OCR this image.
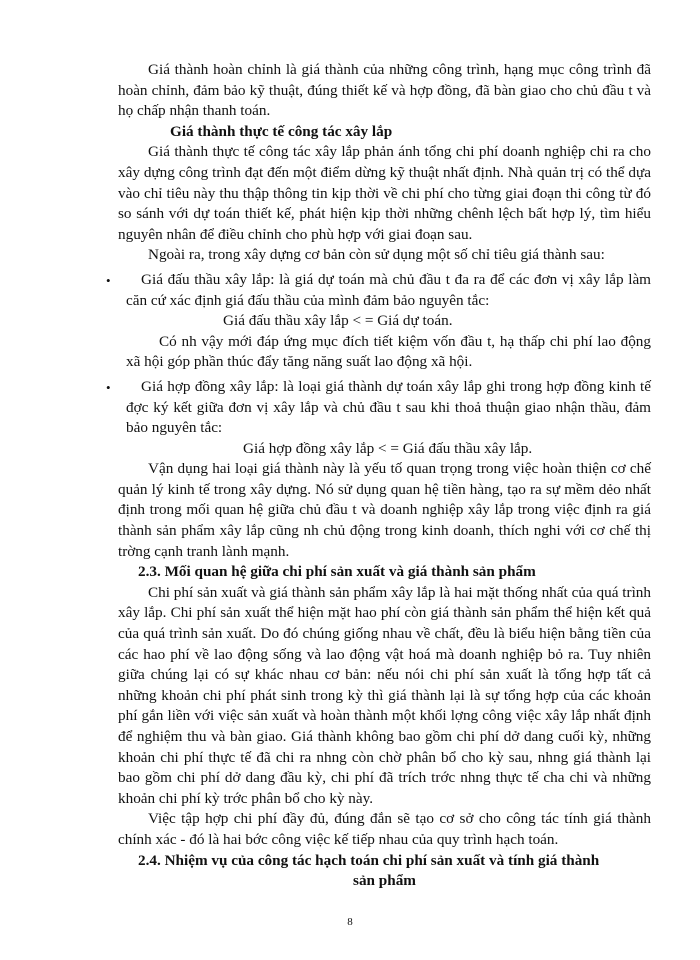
Giá thành hoàn chỉnh là giá thành của những công trình, hạng mục công trình đã hoàn chỉnh, đảm bảo kỹ thuật, đúng thiết kế và hợp đồng, đã bàn giao cho chủ đầu t và họ chấp nhận thanh toán.

Giá thành thực tế công tác xây lắp

Giá thành thực tế công tác xây lắp phản ánh tổng chi phí doanh nghiệp chi ra cho xây dựng công trình đạt đến một điểm dừng kỹ thuật nhất định. Nhà quản trị có thể dựa vào chỉ tiêu này thu thập thông tin kịp thời về chi phí cho từng giai đoạn thi công từ đó so sánh với dự toán thiết kế, phát hiện kịp thời những chênh lệch bất hợp lý, tìm hiểu nguyên nhân để điều chỉnh cho phù hợp với giai đoạn sau.

Ngoài ra, trong xây dựng cơ bản còn sử dụng một số chỉ tiêu giá thành sau:

• Giá đấu thầu xây lắp: là giá dự toán mà chủ đầu t đa ra để các đơn vị xây lắp làm căn cứ xác định giá đấu thầu của mình đảm bảo nguyên tắc:

Giá đấu thầu xây lắp < = Giá dự toán.

Có nh vậy mới đáp ứng mục đích tiết kiệm vốn đầu t, hạ thấp chi phí lao động xã hội góp phần thúc đẩy tăng năng suất lao động xã hội.

• Giá hợp đồng xây lắp: là loại giá thành dự toán xây lắp ghi trong hợp đồng kinh tế đợc ký kết giữa đơn vị xây lắp và chủ đầu t sau khi thoả thuận giao nhận thầu, đảm bảo nguyên tắc:

Giá hợp đồng xây lắp < = Giá đấu thầu xây lắp.

Vận dụng hai loại giá thành này là yếu tố quan trọng trong việc hoàn thiện cơ chế quản lý kinh tế trong xây dựng. Nó sử dụng quan hệ tiền hàng, tạo ra sự mềm dẻo nhất định trong mối quan hệ giữa chủ đầu t và doanh nghiệp xây lắp trong việc định ra giá thành sản phẩm xây lắp cũng nh chủ động trong kinh doanh, thích nghi với cơ chế thị trờng cạnh tranh lành mạnh.

2.3. Mối quan hệ giữa chi phí sản xuất và giá thành sản phẩm

Chi phí sản xuất và giá thành sản phẩm xây lắp là hai mặt thống nhất của quá trình xây lắp. Chi phí sản xuất thể hiện mặt hao phí còn giá thành sản phẩm thể hiện kết quả của quá trình sản xuất. Do đó chúng giống nhau về chất, đều là biểu hiện bằng tiền của các hao phí về lao động sống và lao động vật hoá mà doanh nghiệp bỏ ra. Tuy nhiên giữa chúng lại có sự khác nhau cơ bản: nếu nói chi phí sản xuất là tổng hợp tất cả những khoản chi phí phát sinh trong kỳ thì giá thành lại là sự tổng hợp của các khoản phí gắn liền với việc sản xuất và hoàn thành một khối lợng công việc xây lắp nhất định để nghiệm thu và bàn giao. Giá thành không bao gồm chi phí dở dang cuối kỳ, những khoản chi phí thực tế đã chi ra nhng còn chờ phân bổ cho kỳ sau, nhng giá thành lại bao gồm chi phí dở dang đầu kỳ, chi phí đã trích trớc nhng thực tế cha chi và những khoản chi phí kỳ trớc phân bổ cho kỳ này.

Việc tập hợp chi phí đầy đủ, đúng đắn sẽ tạo cơ sở cho công tác tính giá thành chính xác - đó là hai bớc công việc kế tiếp nhau của quy trình hạch toán.

2.4. Nhiệm vụ của công tác hạch toán chi phí sản xuất và tính giá thành

sản phẩm

8
